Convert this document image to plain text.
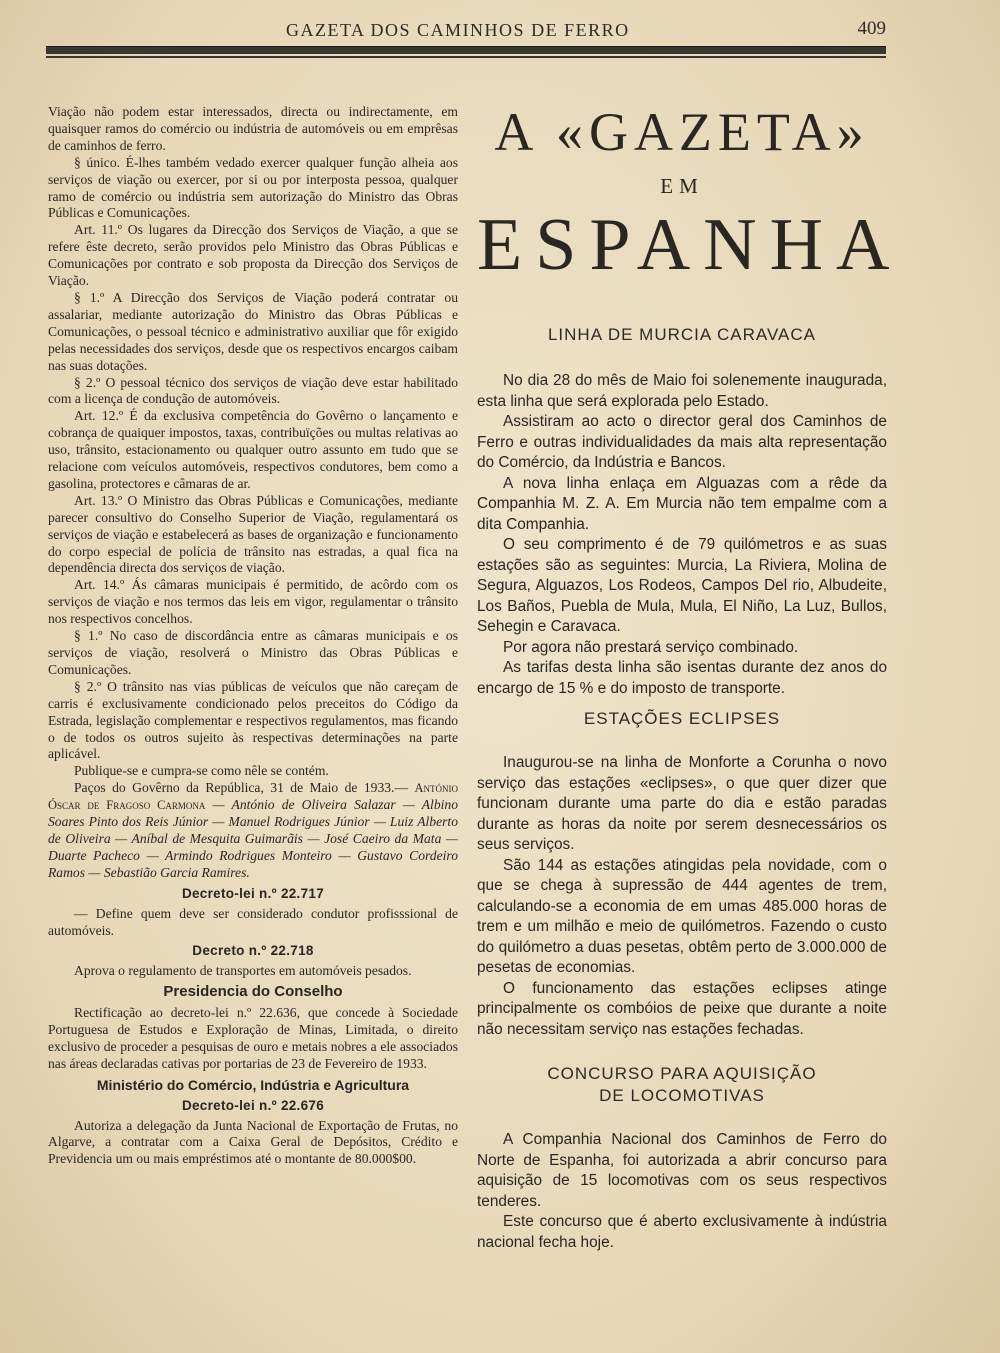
GAZETA DOS CAMINHOS DE FERRO	409

Viação não podem estar interessados, directa ou indirectamente, em quaisquer ramos do comércio ou indústria de automóveis ou em emprêsas de caminhos de ferro.

§ único. É-lhes também vedado exercer qualquer função alheia aos serviços de viação ou exercer, por si ou por interposta pessoa, qualquer ramo de comércio ou indústria sem autorização do Ministro das Obras Públicas e Comunicações.

Art. 11.º Os lugares da Direcção dos Serviços de Viação, a que se refere êste decreto, serão providos pelo Ministro das Obras Públicas e Comunicações por contrato e sob proposta da Direcção dos Serviços de Viação.

§ 1.º A Direcção dos Serviços de Viação poderá contratar ou assalariar, mediante autorização do Ministro das Obras Públicas e Comunicações, o pessoal técnico e administrativo auxiliar que fôr exigido pelas necessidades dos serviços, desde que os respectivos encargos caibam nas suas dotações.

§ 2.º O pessoal técnico dos serviços de viação deve estar habilitado com a licença de condução de automóveis.

Art. 12.º É da exclusiva competência do Govêrno o lançamento e cobrança de quaiquer impostos, taxas, contribuïções ou multas relativas ao uso, trânsito, estacionamento ou qualquer outro assunto em tudo que se relacione com veículos automóveis, respectivos condutores, bem como a gasolina, protectores e câmaras de ar.

Art. 13.º O Ministro das Obras Públicas e Comunicações, mediante parecer consultivo do Conselho Superior de Viação, regulamentará os serviços de viação e estabelecerá as bases de organização e funcionamento do corpo especial de polícia de trânsito nas estradas, a qual fica na dependência directa dos serviços de viação.

Art. 14.º Ás câmaras municipais é permitido, de acôrdo com os serviços de viação e nos termos das leis em vigor, regulamentar o trânsito nos respectivos concelhos.

§ 1.º No caso de discordância entre as câmaras municipais e os serviços de viação, resolverá o Ministro das Obras Públicas e Comunicações.

§ 2.º O trânsito nas vias públicas de veículos que não careçam de carris é exclusivamente condicionado pelos preceitos do Código da Estrada, legislação complementar e respectivos regulamentos, mas ficando o de todos os outros sujeito às respectivas determinações na parte aplicável.

Publique-se e cumpra-se como nêle se contém.

Paços do Govêrno da República, 31 de Maio de 1933.— António Óscar de Fragoso Carmona — António de Oliveira Salazar — Albino Soares Pinto dos Reis Júnior — Manuel Rodrigues Júnior — Luiz Alberto de Oliveira — Aníbal de Mesquita Guimarãis — José Caeiro da Mata — Duarte Pacheco — Armindo Rodrigues Monteiro — Gustavo Cordeiro Ramos — Sebastião Garcia Ramires.

Decreto-lei n.º 22.717

— Define quem deve ser considerado condutor profisssional de automóveis.

Decreto n.º 22.718

Aprova o regulamento de transportes em automóveis pesados.

Presidencia do Conselho

Rectificação ao decreto-lei n.º 22.636, que concede à Sociedade Portuguesa de Estudos e Exploração de Minas, Limitada, o direito exclusivo de proceder a pesquisas de ouro e metais nobres a ele associados nas áreas declaradas cativas por portarias de 23 de Fevereiro de 1933.

Ministério do Comércio, Indústria e Agricultura

Decreto-lei n.º 22.676

Autoriza a delegação da Junta Nacional de Exportação de Frutas, no Algarve, a contratar com a Caixa Geral de Depósitos, Crédito e Previdencia um ou mais empréstimos até o montante de 80.000$00.

A «GAZETA»
EM
ESPANHA
LINHA DE MURCIA CARAVACA

No dia 28 do mês de Maio foi solenemente inaugurada, esta linha que será explorada pelo Estado.

Assistiram ao acto o director geral dos Caminhos de Ferro e outras individualidades da mais alta representação do Comércio, da Indústria e Bancos.

A nova linha enlaça em Alguazas com a rêde da Companhia M. Z. A. Em Murcia não tem empalme com a dita Companhia.

O seu comprimento é de 79 quilómetros e as suas estações são as seguintes: Murcia, La Riviera, Molina de Segura, Alguazos, Los Rodeos, Campos Del rio, Albudeite, Los Baños, Puebla de Mula, Mula, El Niño, La Luz, Bullos, Sehegin e Caravaca.

Por agora não prestará serviço combinado.

As tarifas desta linha são isentas durante dez anos do encargo de 15 % e do imposto de transporte.

ESTAÇÕES ECLIPSES

Inaugurou-se na linha de Monforte a Corunha o novo serviço das estações «eclipses», o que quer dizer que funcionam durante uma parte do dia e estão paradas durante as horas da noite por serem desnecessários os seus serviços.

São 144 as estações atingidas pela novidade, com o que se chega à supressão de 444 agentes de trem, calculando-se a economia de em umas 485.000 horas de trem e um milhão e meio de quilómetros. Fazendo o custo do quilómetro a duas pesetas, obtêm perto de 3.000.000 de pesetas de economias.

O funcionamento das estações eclipses atinge principalmente os combóios de peixe que durante a noite não necessitam serviço nas estações fechadas.

CONCURSO PARA AQUISIÇÃO
DE LOCOMOTIVAS

A Companhia Nacional dos Caminhos de Ferro do Norte de Espanha, foi autorizada a abrir concurso para aquisição de 15 locomotivas com os seus respectivos tenderes.

Este concurso que é aberto exclusivamente à indústria nacional fecha hoje.
